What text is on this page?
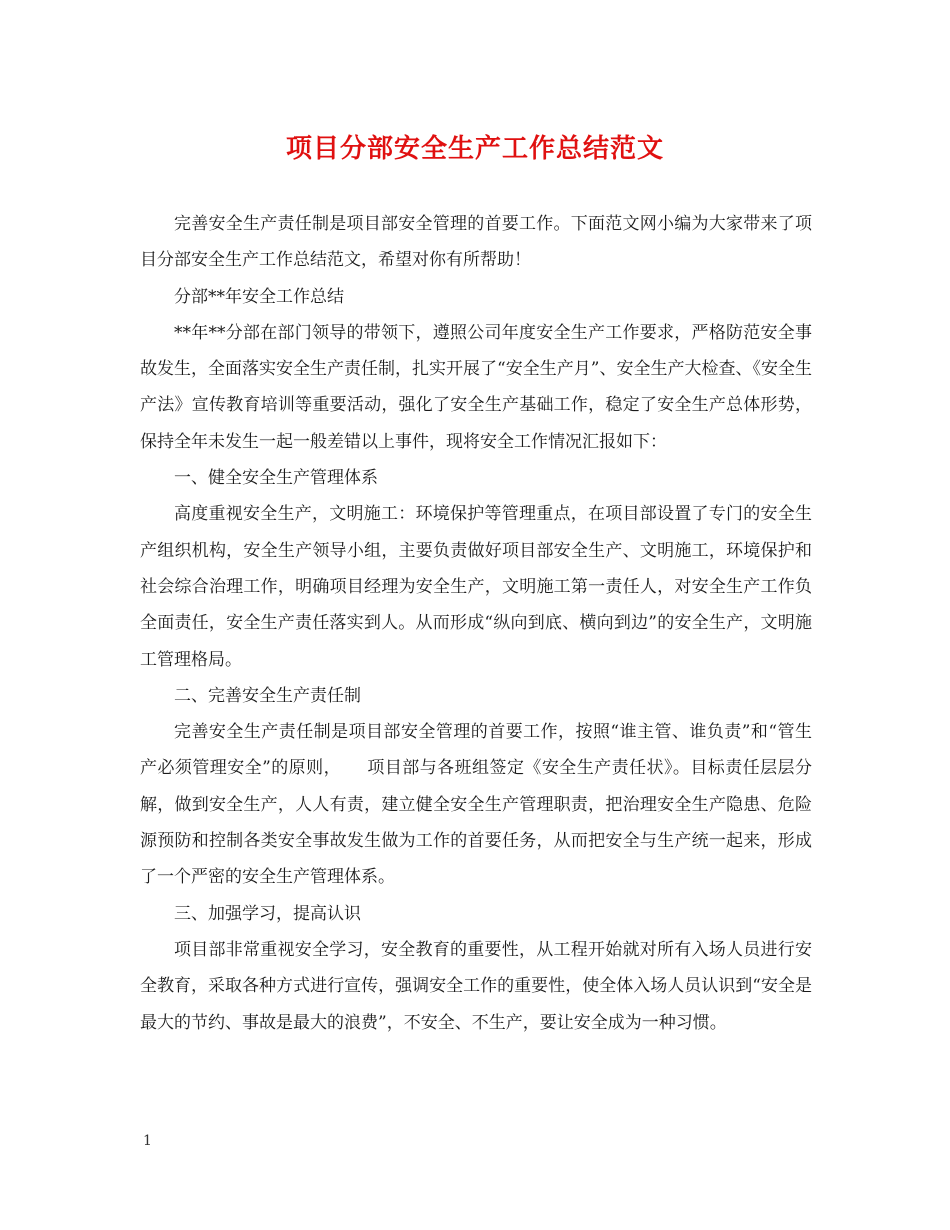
项目分部安全生产工作总结范文

完善安全生产责任制是项目部安全管理的首要工作。下面范文网小编为大家带来了项目分部安全生产工作总结范文，希望对你有所帮助！

分部**年安全工作总结

**年**分部在部门领导的带领下，遵照公司年度安全生产工作要求，严格防范安全事故发生，全面落实安全生产责任制，扎实开展了“安全生产月”、安全生产大检查、《安全生产法》宣传教育培训等重要活动，强化了安全生产基础工作，稳定了安全生产总体形势，保持全年未发生一起一般差错以上事件，现将安全工作情况汇报如下：

一、健全安全生产管理体系

高度重视安全生产，文明施工：环境保护等管理重点，在项目部设置了专门的安全生产组织机构，安全生产领导小组，主要负责做好项目部安全生产、文明施工，环境保护和社会综合治理工作，明确项目经理为安全生产，文明施工第一责任人，对安全生产工作负全面责任，安全生产责任落实到人。从而形成“纵向到底、横向到边”的安全生产，文明施工管理格局。

二、完善安全生产责任制

完善安全生产责任制是项目部安全管理的首要工作，按照“谁主管、谁负责”和“管生产必须管理安全”的原则，　　项目部与各班组签定《安全生产责任状》。目标责任层层分解，做到安全生产，人人有责，建立健全安全生产管理职责，把治理安全生产隐患、危险源预防和控制各类安全事故发生做为工作的首要任务，从而把安全与生产统一起来，形成了一个严密的安全生产管理体系。

三、加强学习，提高认识

项目部非常重视安全学习，安全教育的重要性，从工程开始就对所有入场人员进行安全教育，采取各种方式进行宣传，强调安全工作的重要性，使全体入场人员认识到“安全是最大的节约、事故是最大的浪费”，不安全、不生产，要让安全成为一种习惯。

1
